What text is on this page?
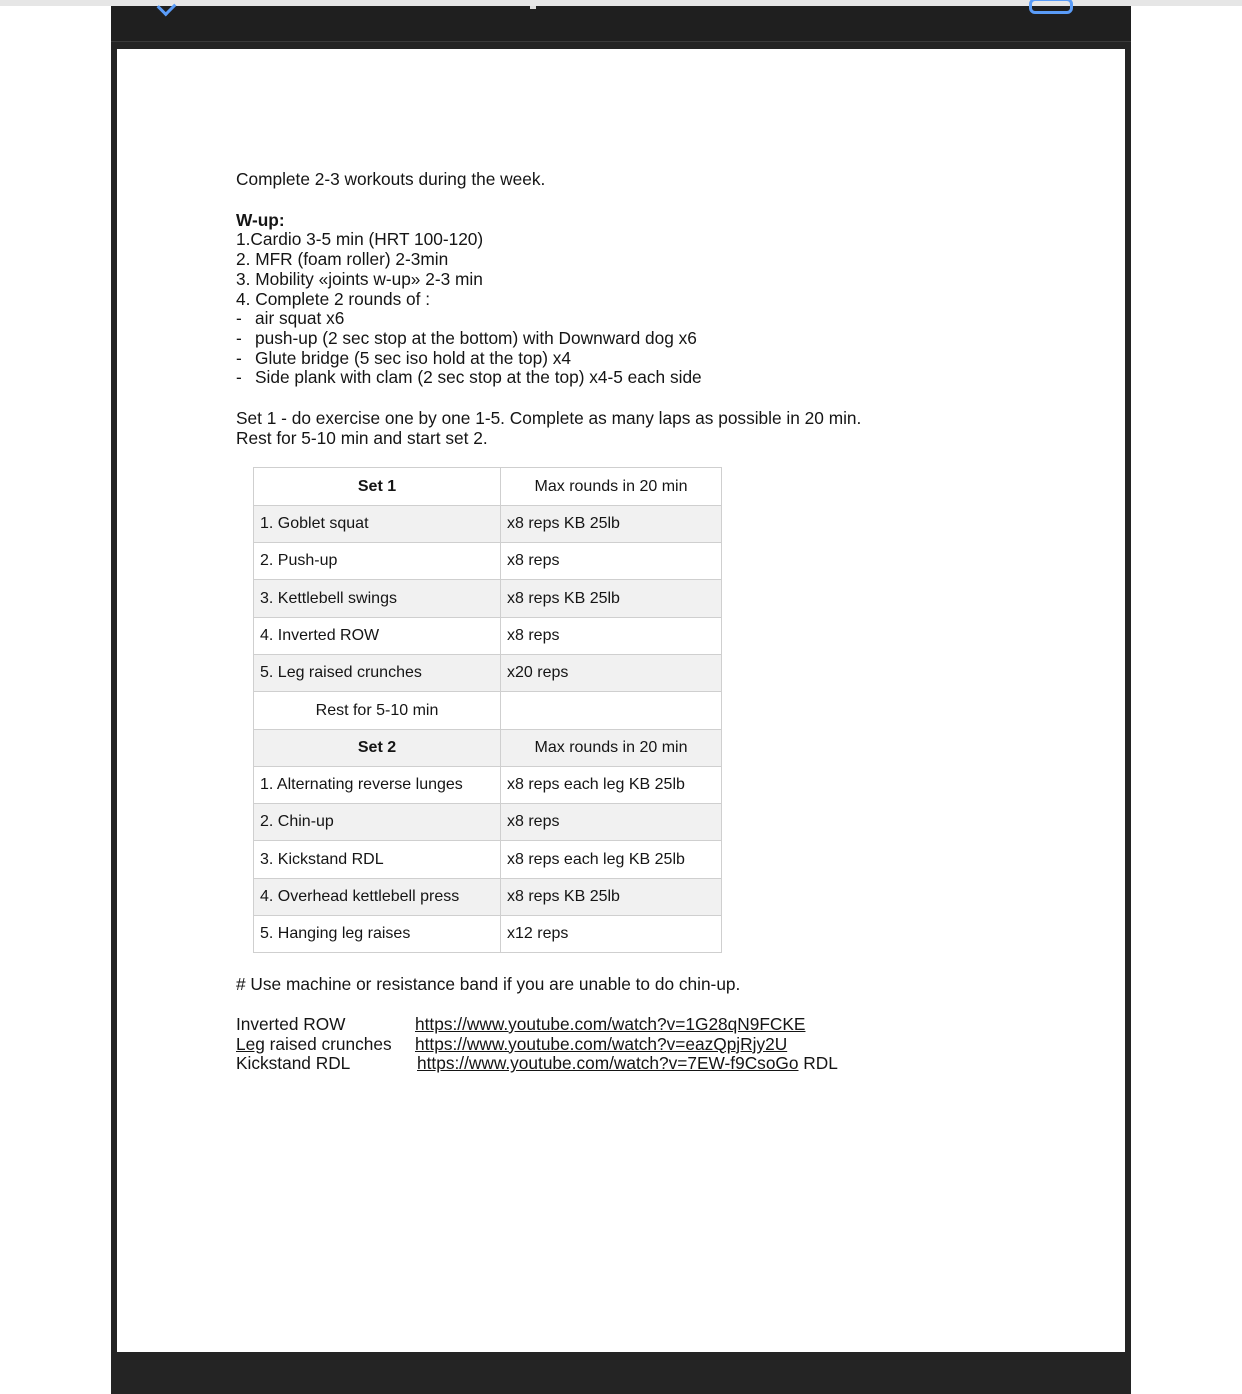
Complete 2-3 workouts during the week.
W-up:
1.Cardio 3-5 min (HRT 100-120)
2. MFR (foam roller) 2-3min
3. Mobility «joints w-up» 2-3 min
4. Complete 2 rounds of :
- air squat x6
- push-up (2 sec stop at the bottom) with Downward dog x6
- Glute bridge (5 sec iso hold at the top) x4
- Side plank with clam (2 sec stop at the top) x4-5 each side
Set 1 - do exercise one by one 1-5. Complete as many laps as possible in 20 min.
Rest for 5-10 min and start set 2.
Set 1	Max rounds in 20 min
1. Goblet squat	x8 reps KB 25lb
2. Push-up	x8 reps
3. Kettlebell swings	x8 reps KB 25lb
4. Inverted ROW	x8 reps
5. Leg raised crunches	x20 reps
Rest for 5-10 min	
Set 2	Max rounds in 20 min
1. Alternating reverse lunges	x8 reps each leg KB 25lb
2. Chin-up	x8 reps
3. Kickstand RDL	x8 reps each leg KB 25lb
4. Overhead kettlebell press	x8 reps KB 25lb
5. Hanging leg raises	x12 reps
# Use machine or resistance band if you are unable to do chin-up.
Inverted ROW	https://www.youtube.com/watch?v=1G28qN9FCKE
Leg raised crunches	https://www.youtube.com/watch?v=eazQpjRjy2U
Kickstand RDL	https://www.youtube.com/watch?v=7EW-f9CsoGo RDL
